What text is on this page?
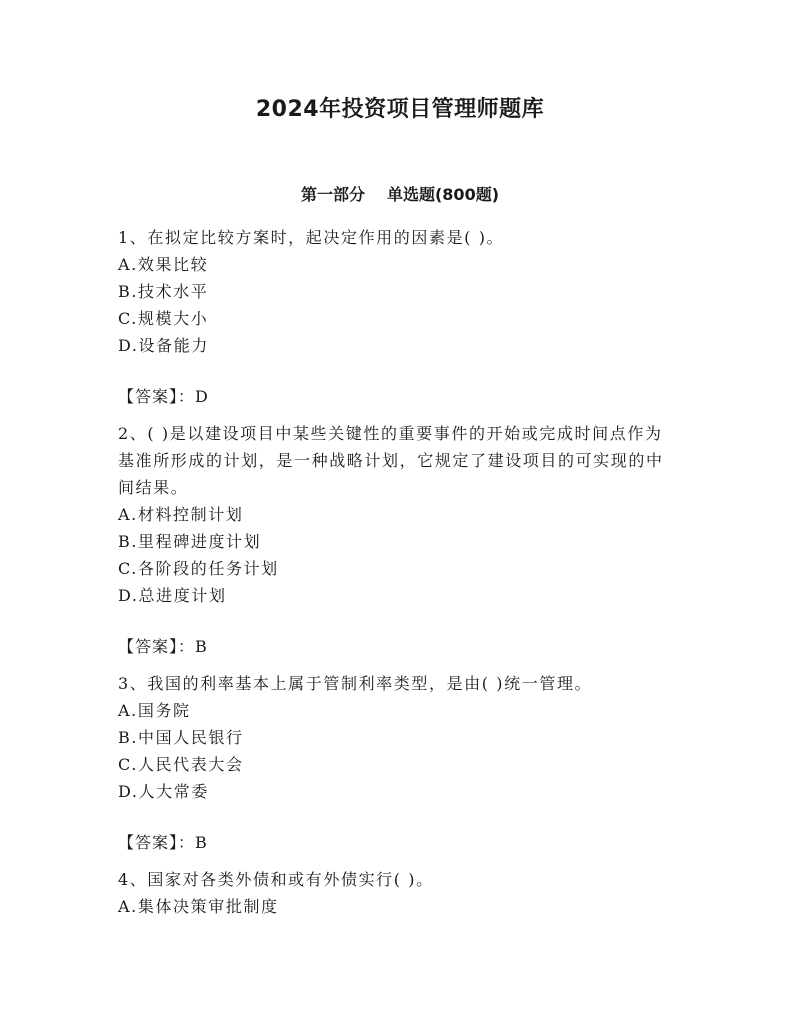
2024年投资项目管理师题库
第一部分 单选题(800题)

1、在拟定比较方案时，起决定作用的因素是( )。

A.效果比较

B.技术水平

C.规模大小

D.设备能力

【答案】：D

2、( )是以建设项目中某些关键性的重要事件的开始或完成时间点作为基准所形成的计划，是一种战略计划，它规定了建设项目的可实现的中间结果。

A.材料控制计划

B.里程碑进度计划

C.各阶段的任务计划

D.总进度计划

【答案】：B

3、我国的利率基本上属于管制利率类型，是由( )统一管理。

A.国务院

B.中国人民银行

C.人民代表大会

D.人大常委

【答案】：B

4、国家对各类外债和或有外债实行( )。

A.集体决策审批制度
